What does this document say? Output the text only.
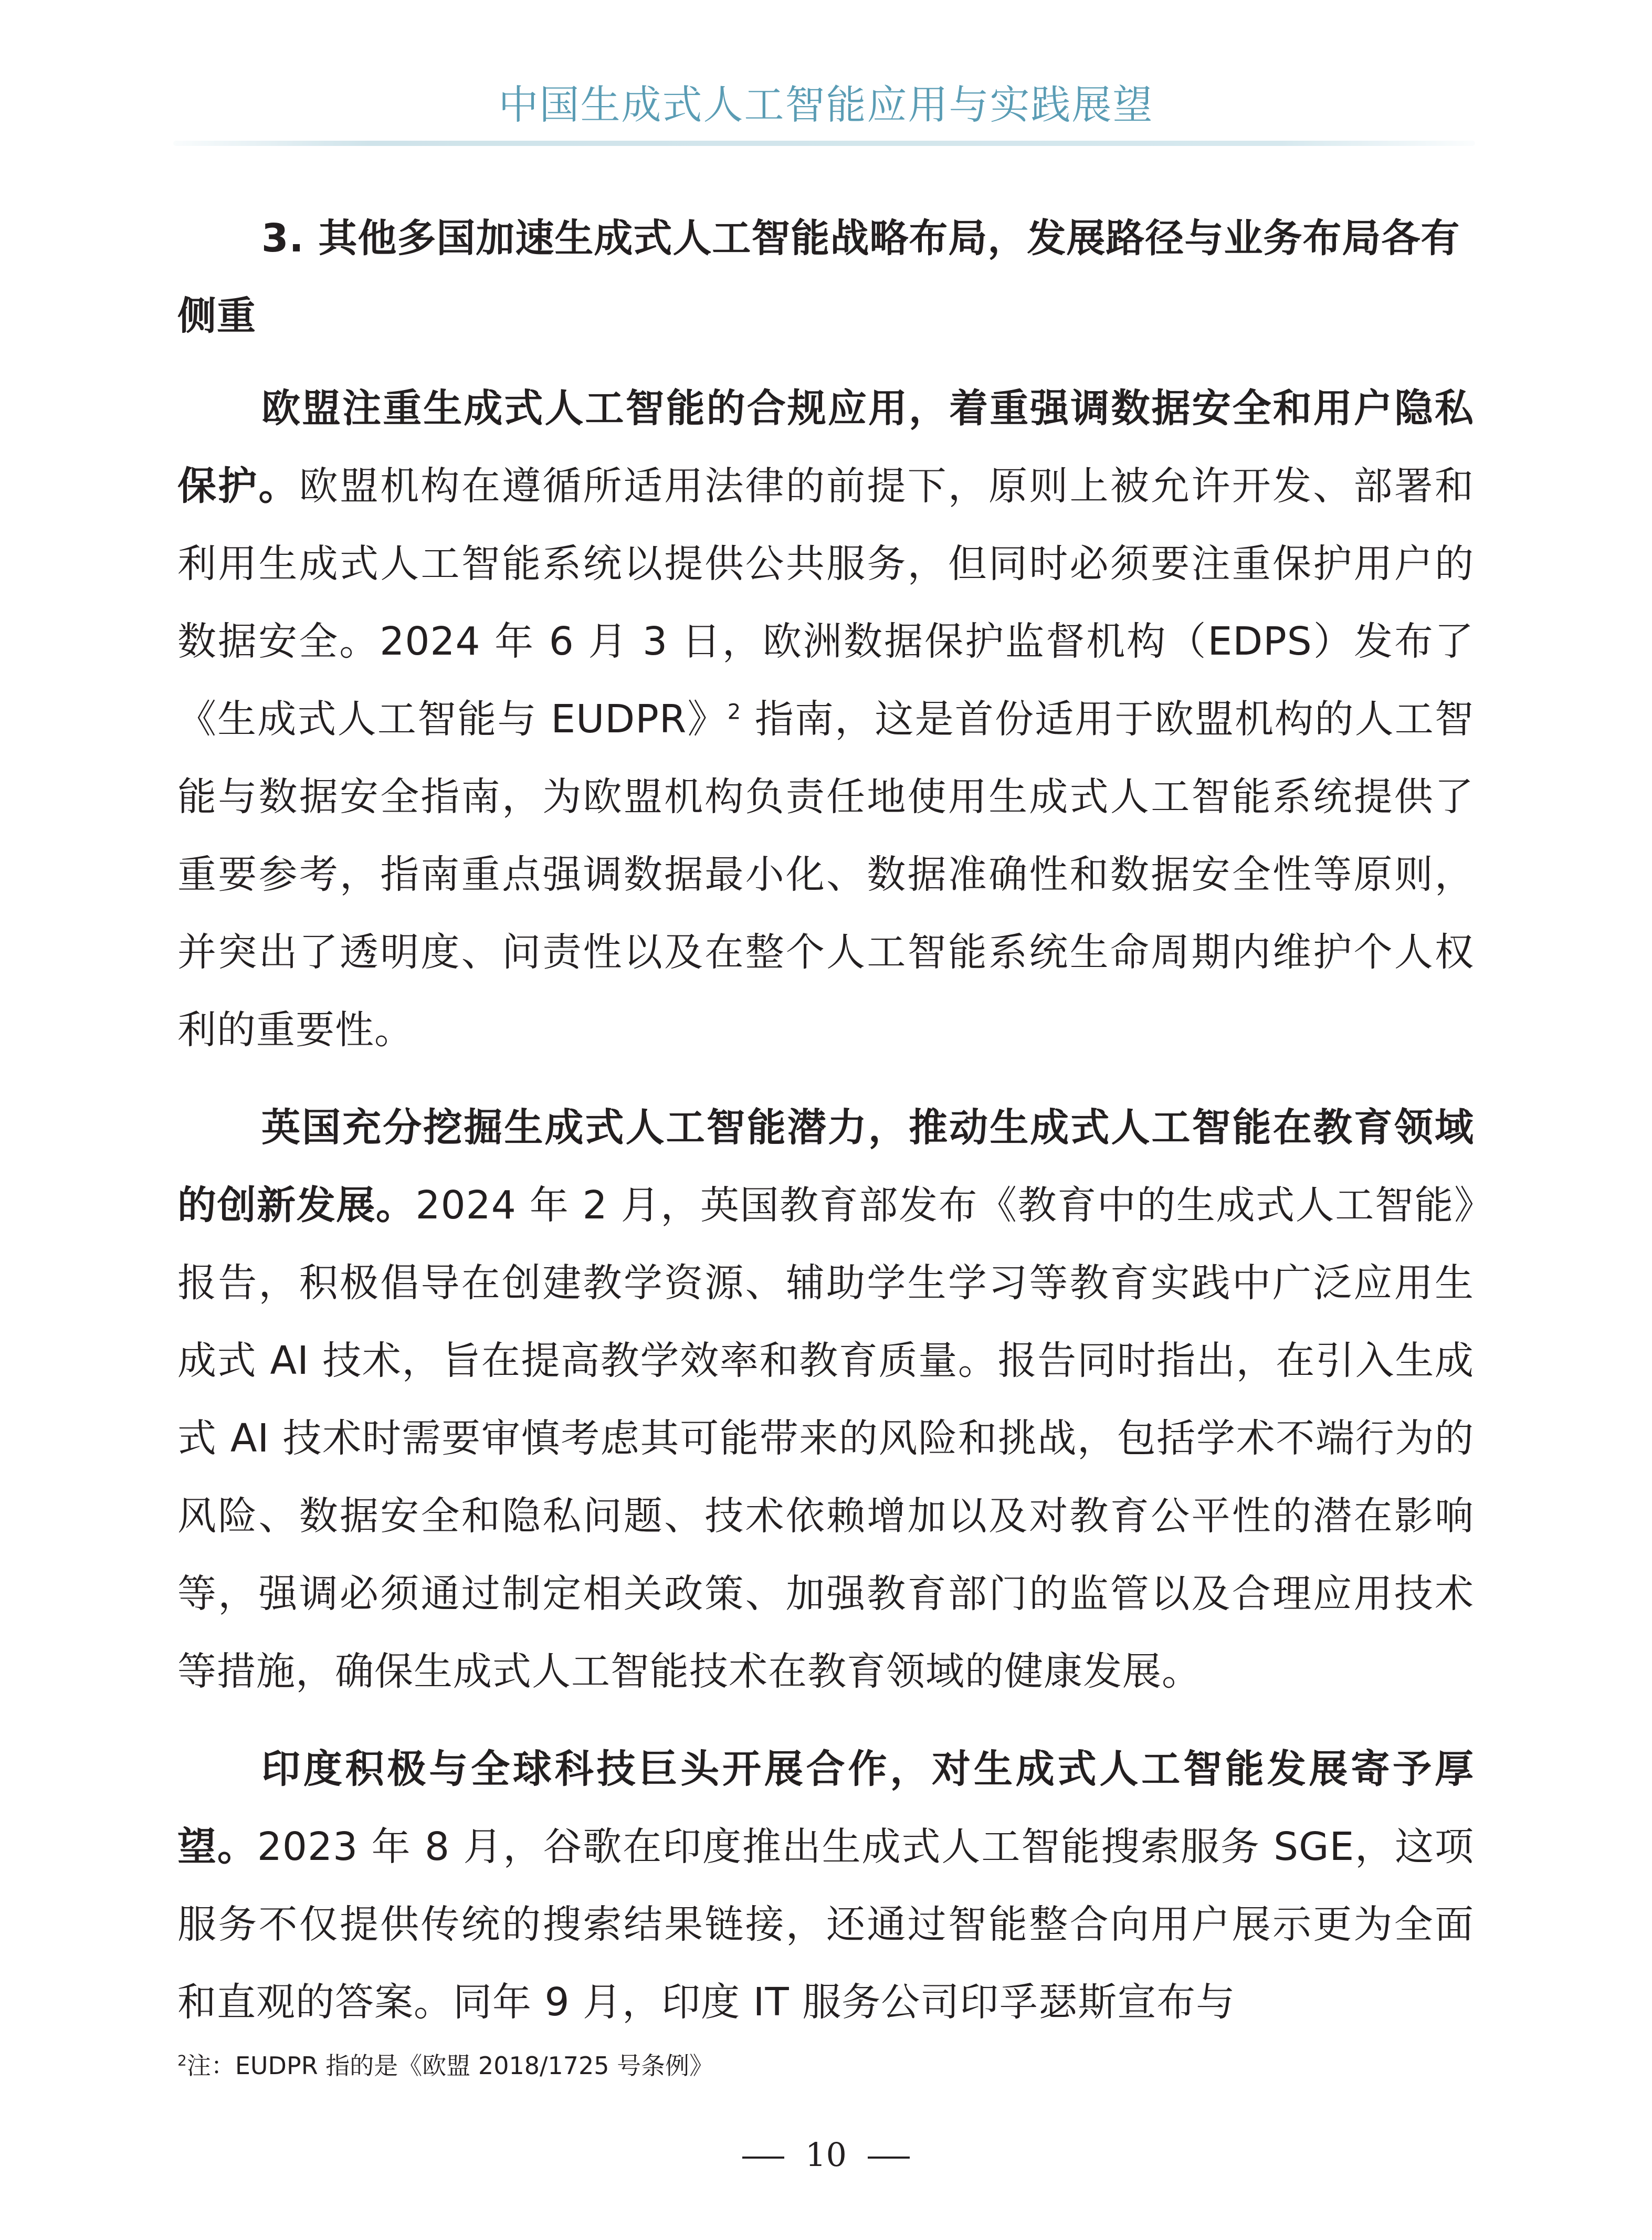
中国生成式人工智能应用与实践展望

3. 其他多国加速生成式人工智能战略布局，发展路径与业务布局各有侧重

欧盟注重生成式人工智能的合规应用，着重强调数据安全和用户隐私保护。欧盟机构在遵循所适用法律的前提下，原则上被允许开发、部署和利用生成式人工智能系统以提供公共服务，但同时必须要注重保护用户的数据安全。2024 年 6 月 3 日，欧洲数据保护监督机构（EDPS）发布了《生成式人工智能与 EUDPR》$^2$ 指南，这是首份适用于欧盟机构的人工智能与数据安全指南，为欧盟机构负责任地使用生成式人工智能系统提供了重要参考，指南重点强调数据最小化、数据准确性和数据安全性等原则，并突出了透明度、问责性以及在整个人工智能系统生命周期内维护个人权利的重要性。

英国充分挖掘生成式人工智能潜力，推动生成式人工智能在教育领域的创新发展。2024 年 2 月，英国教育部发布《教育中的生成式人工智能》报告，积极倡导在创建教学资源、辅助学生学习等教育实践中广泛应用生成式 AI 技术，旨在提高教学效率和教育质量。报告同时指出，在引入生成式 AI 技术时需要审慎考虑其可能带来的风险和挑战，包括学术不端行为的风险、数据安全和隐私问题、技术依赖增加以及对教育公平性的潜在影响等，强调必须通过制定相关政策、加强教育部门的监管以及合理应用技术等措施，确保生成式人工智能技术在教育领域的健康发展。

印度积极与全球科技巨头开展合作，对生成式人工智能发展寄予厚望。2023 年 8 月，谷歌在印度推出生成式人工智能搜索服务 SGE，这项服务不仅提供传统的搜索结果链接，还通过智能整合向用户展示更为全面和直观的答案。同年 9 月，印度 IT 服务公司印孚瑟斯宣布与

$^2$注：EUDPR 指的是《欧盟 2018/1725 号条例》
10
